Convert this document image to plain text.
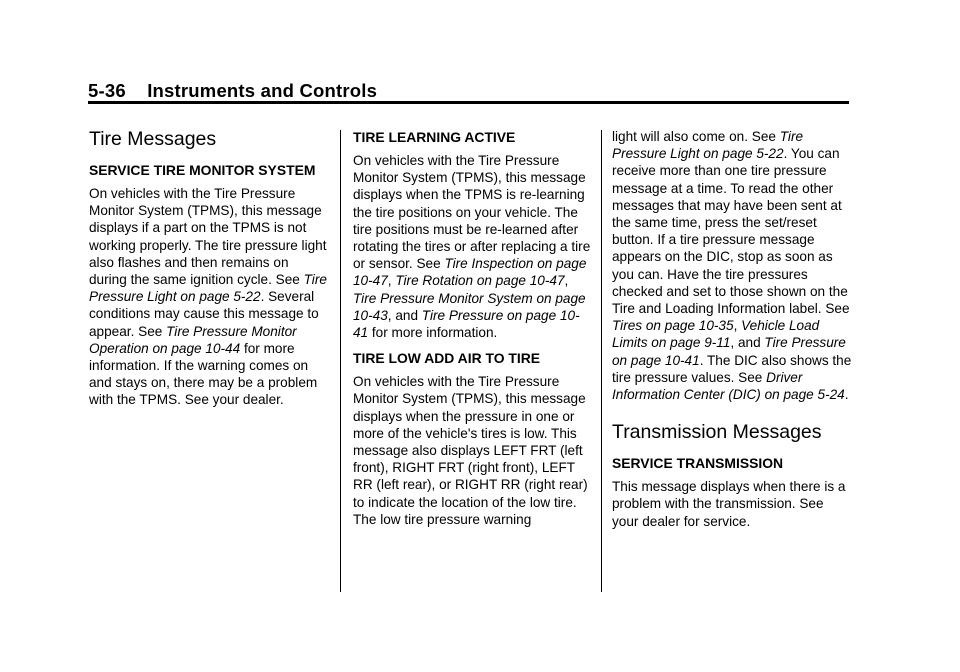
5-36 Instruments and Controls
Tire Messages
SERVICE TIRE MONITOR SYSTEM

On vehicles with the Tire Pressure Monitor System (TPMS), this message displays if a part on the TPMS is not working properly. The tire pressure light also flashes and then remains on during the same ignition cycle. See Tire Pressure Light on page 5-22. Several conditions may cause this message to appear. See Tire Pressure Monitor Operation on page 10-44 for more information. If the warning comes on and stays on, there may be a problem with the TPMS. See your dealer.

TIRE LEARNING ACTIVE

On vehicles with the Tire Pressure Monitor System (TPMS), this message displays when the TPMS is re-learning the tire positions on your vehicle. The tire positions must be re-learned after rotating the tires or after replacing a tire or sensor. See Tire Inspection on page 10-47, Tire Rotation on page 10-47, Tire Pressure Monitor System on page 10-43, and Tire Pressure on page 10-41 for more information.

TIRE LOW ADD AIR TO TIRE

On vehicles with the Tire Pressure Monitor System (TPMS), this message displays when the pressure in one or more of the vehicle's tires is low. This message also displays LEFT FRT (left front), RIGHT FRT (right front), LEFT RR (left rear), or RIGHT RR (right rear) to indicate the location of the low tire. The low tire pressure warning

light will also come on. See Tire Pressure Light on page 5-22. You can receive more than one tire pressure message at a time. To read the other messages that may have been sent at the same time, press the set/reset button. If a tire pressure message appears on the DIC, stop as soon as you can. Have the tire pressures checked and set to those shown on the Tire and Loading Information label. See Tires on page 10-35, Vehicle Load Limits on page 9-11, and Tire Pressure on page 10-41. The DIC also shows the tire pressure values. See Driver Information Center (DIC) on page 5-24.

Transmission Messages
SERVICE TRANSMISSION

This message displays when there is a problem with the transmission. See your dealer for service.
